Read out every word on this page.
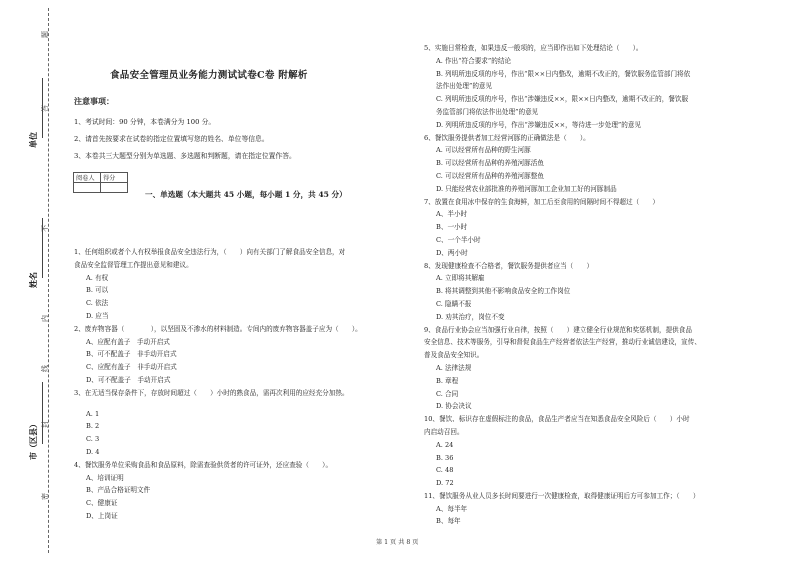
题
答
不
内
线
封
密
单位
姓名
市（区县）
食品安全管理员业务能力测试试卷C卷 附解析
注意事项：
1、考试时间：90 分钟，本卷满分为 100 分。
2、请首先按要求在试卷的指定位置填写您的姓名、单位等信息。
3、本卷共三大题型分别为单选题、多选题和判断题，请在指定位置作答。
阅卷人	得分

一、单选题（本大题共 45 小题，每小题 1 分，共 45 分）

1、任何组织或者个人有权举报食品安全违法行为，（　　）向有关部门了解食品安全信息，对

食品安全监督管理工作提出意见和建议。

A. 有权

B. 可以

C. 依法

D. 应当

2、废弃物容器（　　　　），以坚固及不渗水的材料制造。专间内的废弃物容器盖子应为（　　）。

A、应配有盖子　手动开启式

B、可不配盖子　非手动开启式

C、应配有盖子　非手动开启式

D、可不配盖子　手动开启式

3、在无适当保存条件下，存放时间超过（　　）小时的熟食品，需再次利用的应经充分加热。

A. 1

B. 2

C. 3

D. 4

4、餐饮服务单位采购食品和食品原料，除需查验供货者的许可证外，还应查验（　　）。

A、培训证明

B、产品合格证明文件

C、健康证

D、上岗证

5、实施日常检查，如果违反一般项的，应当即作出如下处理结论（　　）。

A. 作出“符合要求”的结论

B. 列明所违反项的序号，作出“限××日内整改，逾期不改正的，餐饮服务监管部门将依

法作出处理”的意见

C. 列明所违反项的序号，作出“涉嫌违反××，限××日内整改，逾期不改正的，餐饮服

务监管部门将依法作出处理”的意见

D. 列明所违反项的序号，作出“涉嫌违反××，等待进一步处理”的意见

6、餐饮服务提供者加工经营河豚的正确做法是（　　）。

A. 可以经营所有品种的野生河豚

B. 可以经营所有品种的养殖河豚活鱼

C. 可以经营所有品种的养殖河豚整鱼

D. 只能经营农业部批准的养殖河豚加工企业加工好的河豚制品

7、放置在食用冰中保存的生食海鲜，加工后至食用的间隔时间不得超过（　　）

A、半小时

B、一小时

C、一个半小时

D、两小时

8、发现健康检查不合格者，餐饮服务提供者应当（　　）

A. 立即将其解雇

B. 将其调整到其他不影响食品安全的工作岗位

C. 隐瞒不报

D. 劝其治疗，岗位不变

9、食品行业协会应当加强行业自律，按照（　　）建立健全行业规范和奖惩机制，提供食品

安全信息、技术等服务，引导和督促食品生产经营者依法生产经营，推动行业诚信建设，宣传、

普及食品安全知识。

A. 法律法规

B. 章程

C. 合同

D. 协会决议

10、餐饮、标识存在虚假标注的食品，食品生产者应当在知悉食品安全风险后（　　）小时

内启动召回。

A. 24

B. 36

C. 48

D. 72

11、餐饮服务从业人员多长时间要进行一次健康检查，取得健康证明后方可参加工作；（　　）

A、每半年

B、每年

第 1 页 共 8 页
